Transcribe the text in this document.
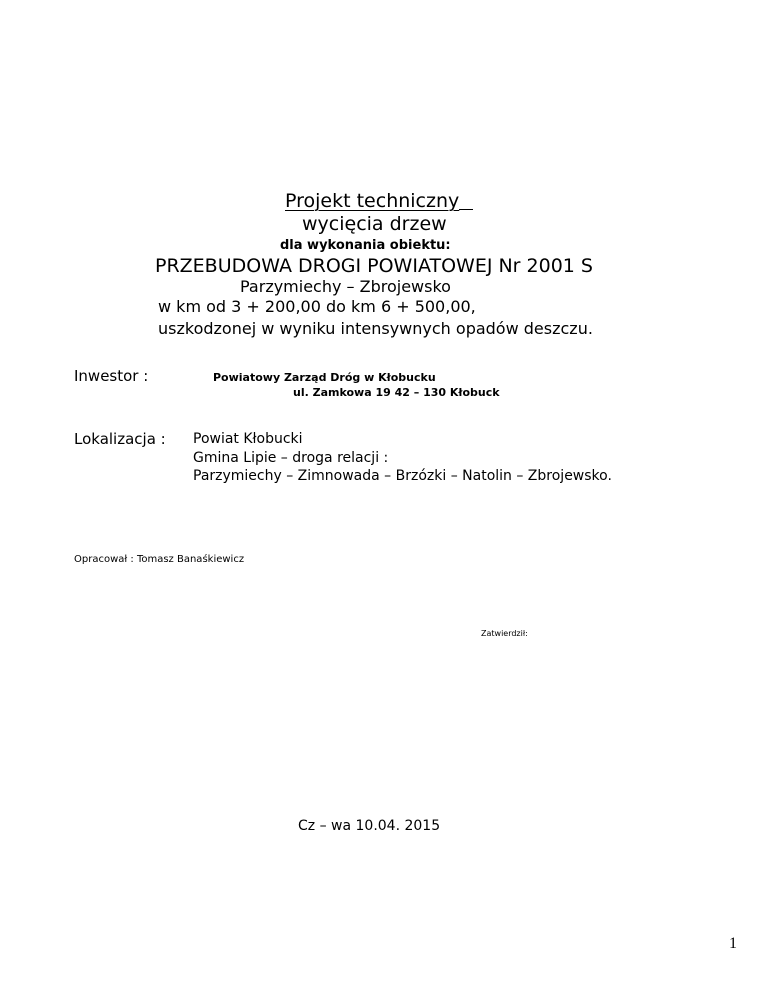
Projekt techniczny
wycięcia drzew
dla wykonania obiektu:
PRZEBUDOWA DROGI POWIATOWEJ Nr 2001 S
Parzymiechy – Zbrojewsko
w km od 3 + 200,00 do km 6 + 500,00,
uszkodzonej w wyniku intensywnych opadów deszczu.
Inwestor :	Powiatowy Zarząd Dróg w Kłobucku
ul. Zamkowa 19 42 – 130 Kłobuck
Lokalizacja : Powiat Kłobucki
Gmina Lipie – droga relacji :
Parzymiechy – Zimnowada – Brzózki – Natolin – Zbrojewsko.
Opracował : Tomasz Banaśkiewicz
Zatwierdził:
Cz – wa 10.04. 2015
1
